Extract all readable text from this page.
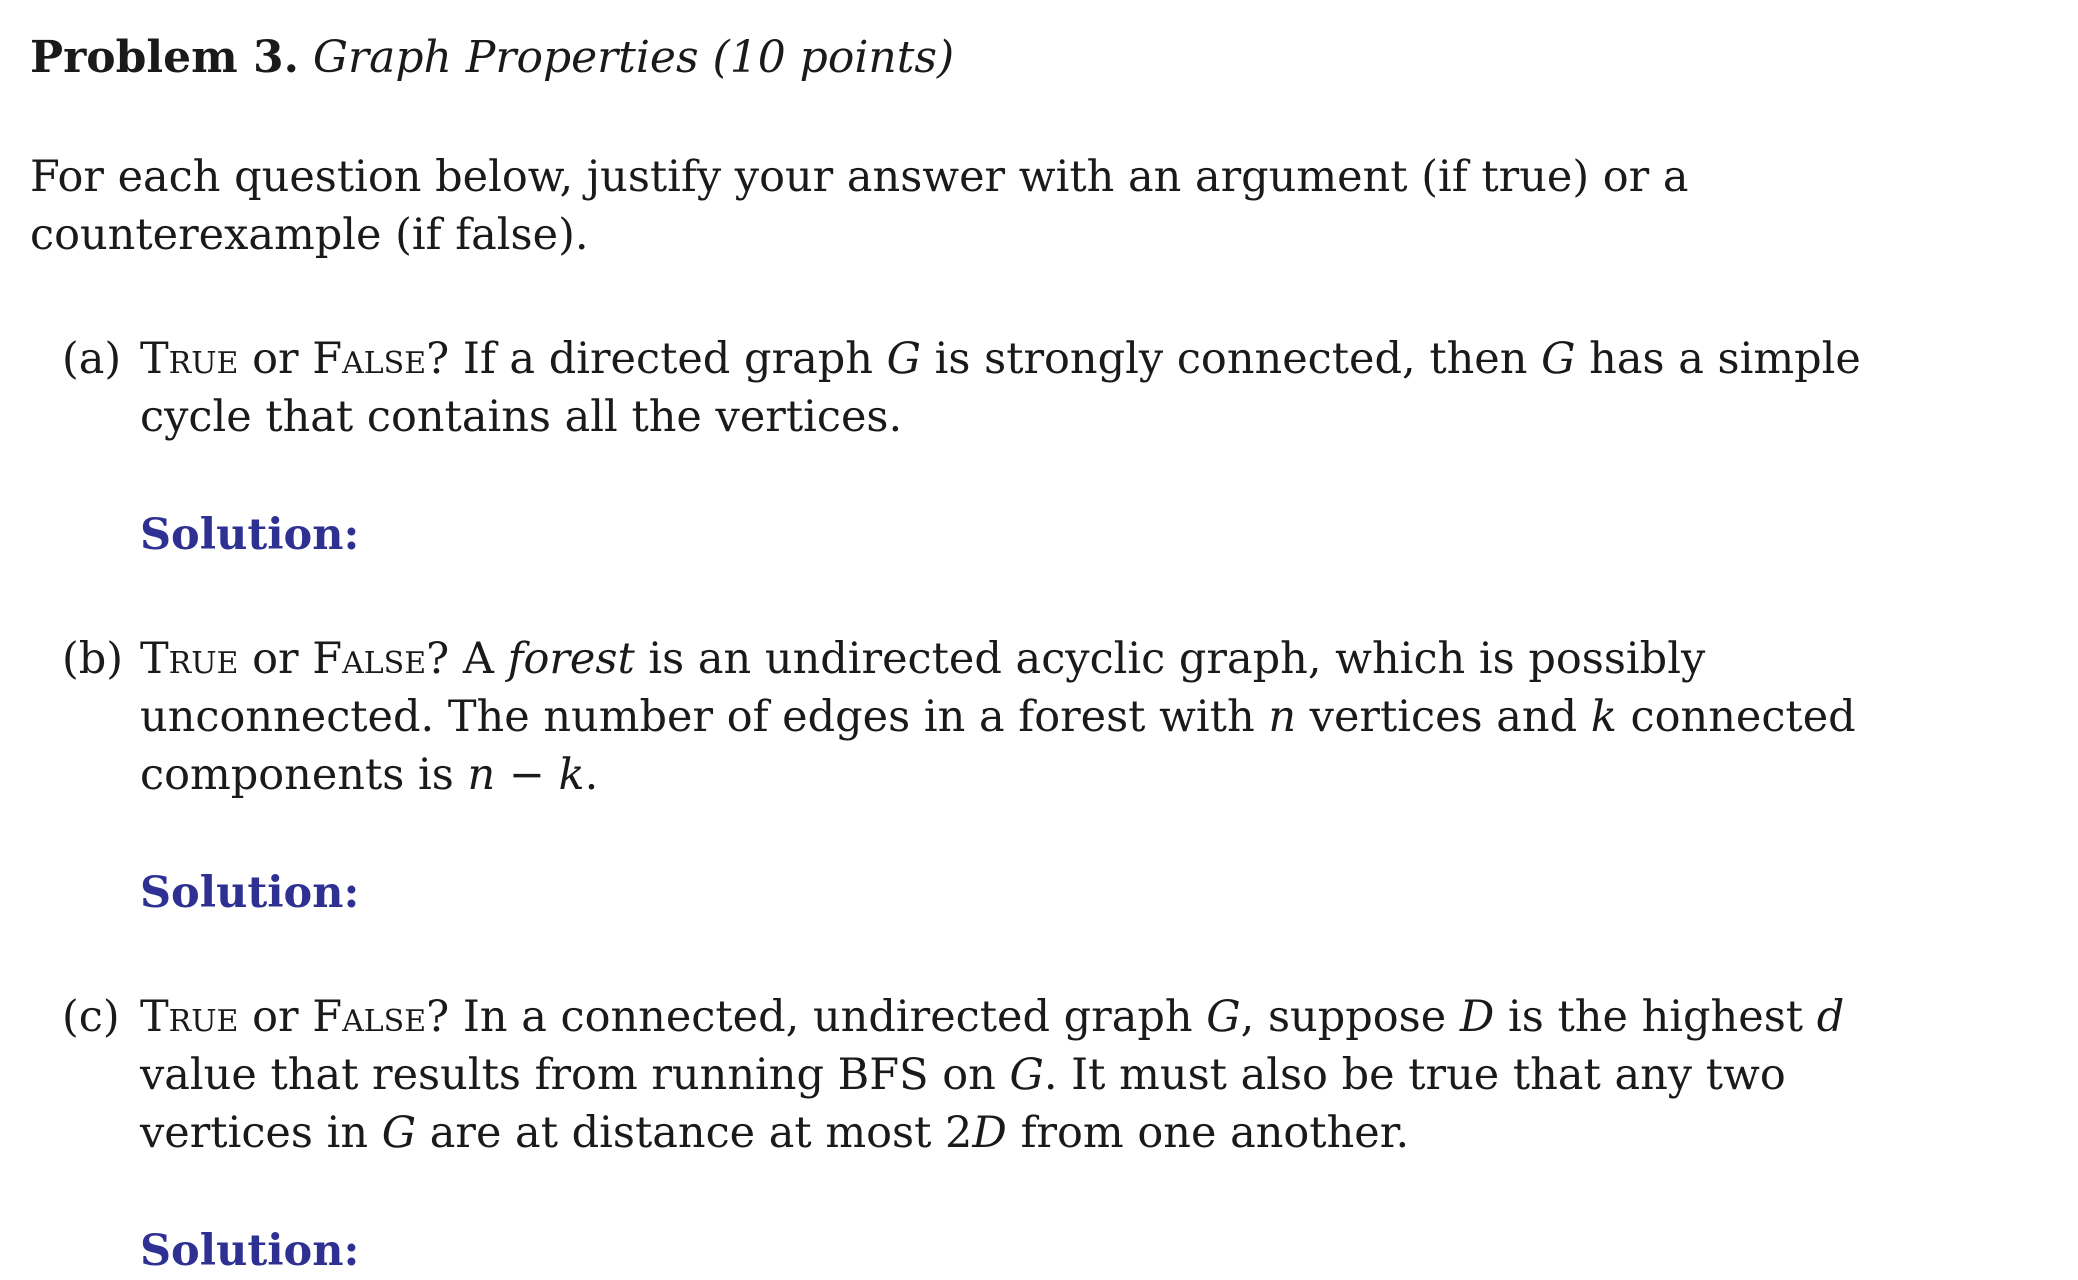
Problem 3. Graph Properties (10 points)
For each question below, justify your answer with an argument (if true) or a counterexample (if false).
(a) True or False? If a directed graph G is strongly connected, then G has a simple cycle that contains all the vertices.
Solution:
(b) True or False? A forest is an undirected acyclic graph, which is possibly unconnected. The number of edges in a forest with n vertices and k connected components is n − k.
Solution:
(c) True or False? In a connected, undirected graph G, suppose D is the highest d value that results from running BFS on G. It must also be true that any two vertices in G are at distance at most 2D from one another.
Solution:
